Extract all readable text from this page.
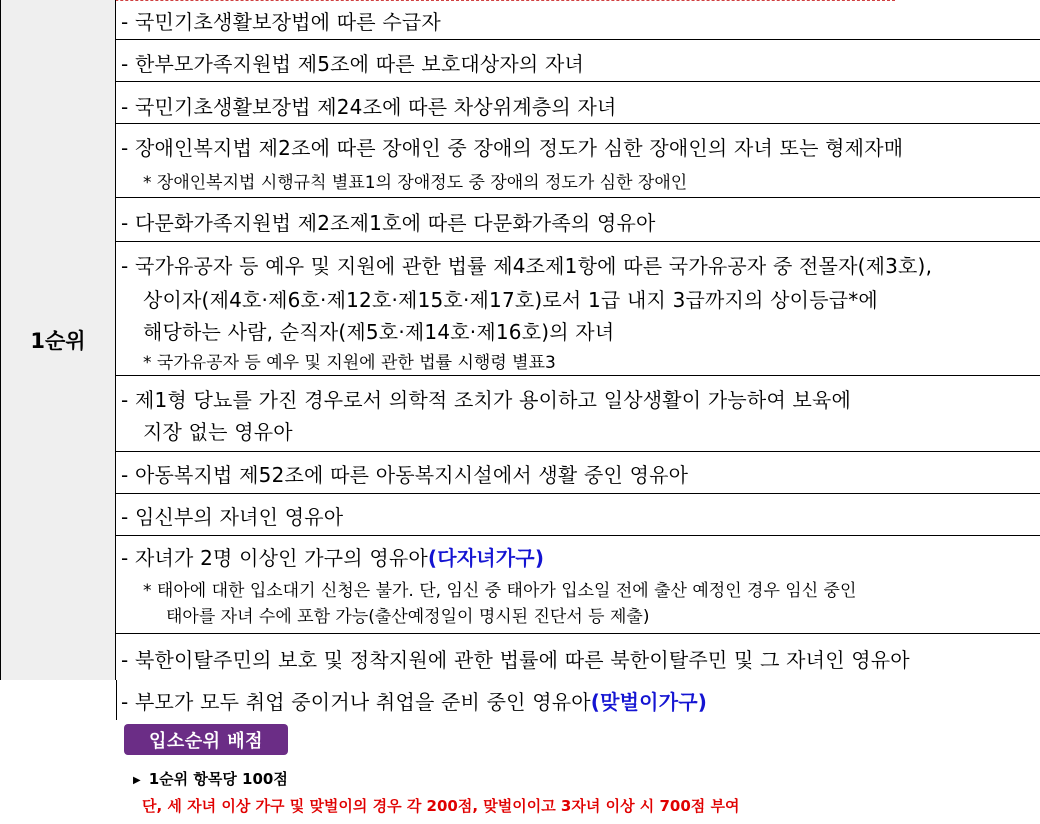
1순위
- 국민기초생활보장법에 따른 수급자
- 한부모가족지원법 제5조에 따른 보호대상자의 자녀
- 국민기초생활보장법 제24조에 따른 차상위계층의 자녀
- 장애인복지법 제2조에 따른 장애인 중 장애의 정도가 심한 장애인의 자녀 또는 형제자매
* 장애인복지법 시행규칙 별표1의 장애정도 중 장애의 정도가 심한 장애인
- 다문화가족지원법 제2조제1호에 따른 다문화가족의 영유아
- 국가유공자 등 예우 및 지원에 관한 법률 제4조제1항에 따른 국가유공자 중 전몰자(제3호),
상이자(제4호·제6호·제12호·제15호·제17호)로서 1급 내지 3급까지의 상이등급*에
해당하는 사람, 순직자(제5호·제14호·제16호)의 자녀
* 국가유공자 등 예우 및 지원에 관한 법률 시행령 별표3
- 제1형 당뇨를 가진 경우로서 의학적 조치가 용이하고 일상생활이 가능하여 보육에
지장 없는 영유아
- 아동복지법 제52조에 따른 아동복지시설에서 생활 중인 영유아
- 임신부의 자녀인 영유아
- 자녀가 2명 이상인 가구의 영유아(다자녀가구)
* 태아에 대한 입소대기 신청은 불가. 단, 임신 중 태아가 입소일 전에 출산 예정인 경우 임신 중인
태아를 자녀 수에 포함 가능(출산예정일이 명시된 진단서 등 제출)
- 북한이탈주민의 보호 및 정착지원에 관한 법률에 따른 북한이탈주민 및 그 자녀인 영유아
- 부모가 모두 취업 중이거나 취업을 준비 중인 영유아(맞벌이가구)
입소순위 배점
▶ 1순위 항목당 100점
단, 세 자녀 이상 가구 및 맞벌이의 경우 각 200점, 맞벌이이고 3자녀 이상 시 700점 부여
